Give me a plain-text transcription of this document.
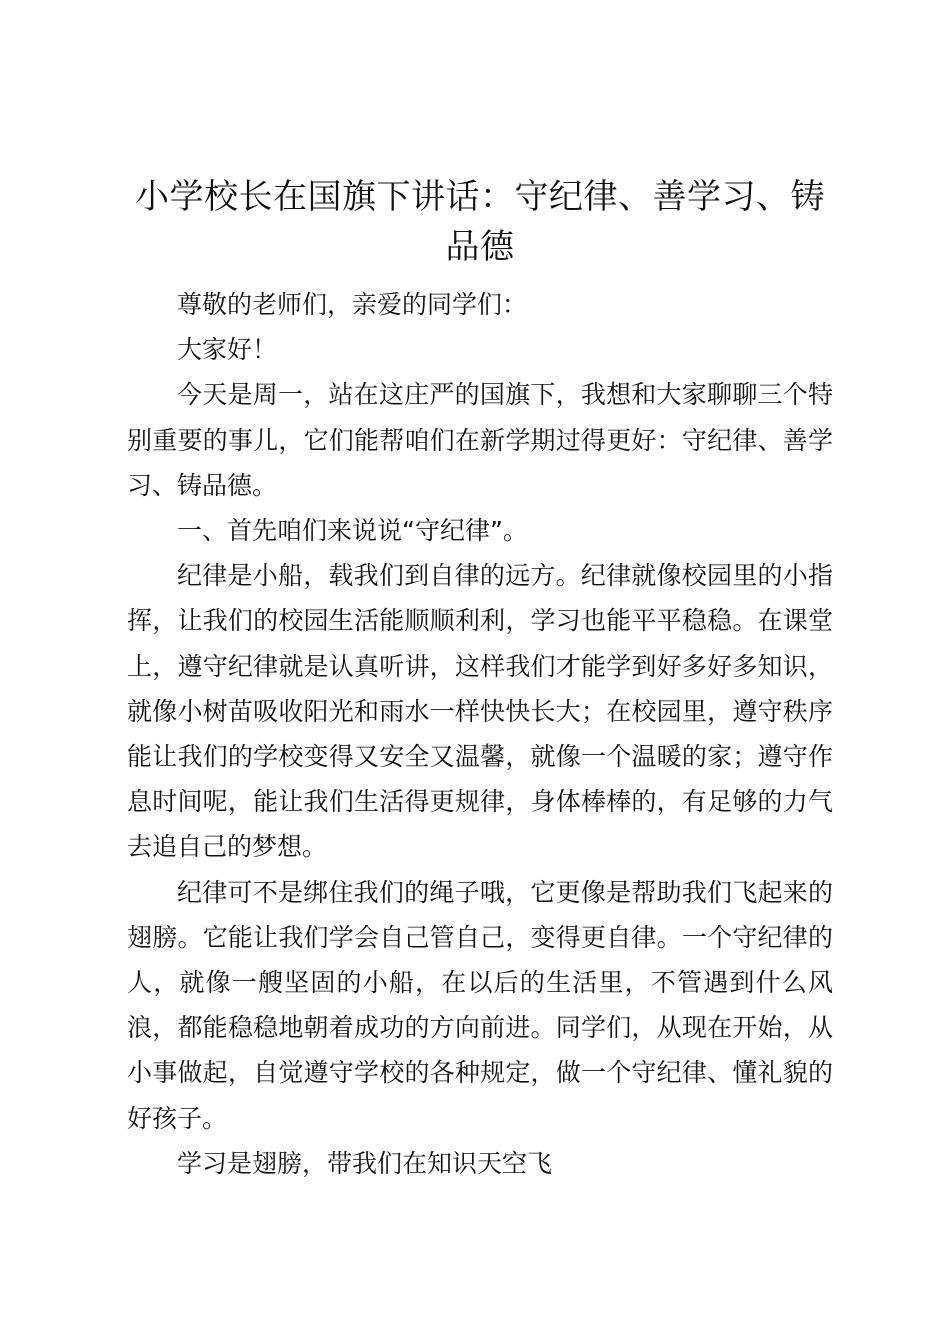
小学校长在国旗下讲话：守纪律、善学习、铸品德

尊敬的老师们，亲爱的同学们：

大家好！

今天是周一，站在这庄严的国旗下，我想和大家聊聊三个特别重要的事儿，它们能帮咱们在新学期过得更好：守纪律、善学习、铸品德。

一、首先咱们来说说“守纪律”。

纪律是小船，载我们到自律的远方。纪律就像校园里的小指挥，让我们的校园生活能顺顺利利，学习也能平平稳稳。在课堂上，遵守纪律就是认真听讲，这样我们才能学到好多好多知识，就像小树苗吸收阳光和雨水一样快快长大；在校园里，遵守秩序能让我们的学校变得又安全又温馨，就像一个温暖的家；遵守作息时间呢，能让我们生活得更规律，身体棒棒的，有足够的力气去追自己的梦想。

纪律可不是绑住我们的绳子哦，它更像是帮助我们飞起来的翅膀。它能让我们学会自己管自己，变得更自律。一个守纪律的人，就像一艘坚固的小船，在以后的生活里，不管遇到什么风浪，都能稳稳地朝着成功的方向前进。同学们，从现在开始，从小事做起，自觉遵守学校的各种规定，做一个守纪律、懂礼貌的好孩子。

学习是翅膀，带我们在知识天空飞
